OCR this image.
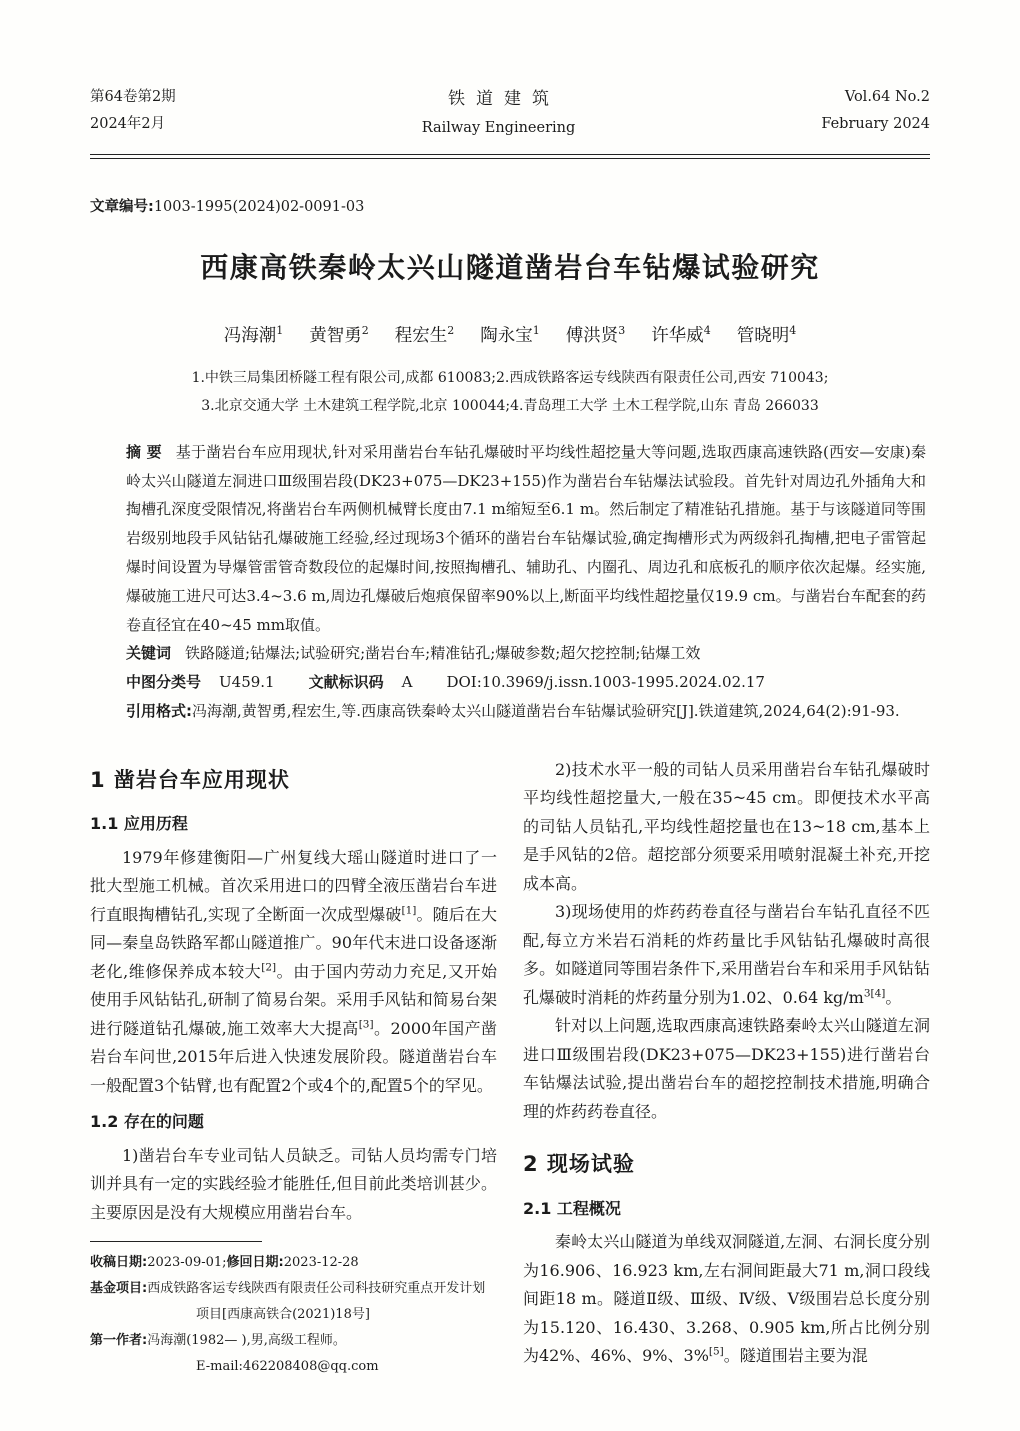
第64卷第2期
2024年2月
铁道建筑
Railway Engineering
Vol.64 No.2
February 2024
文章编号:1003-1995(2024)02-0091-03
西康高铁秦岭太兴山隧道凿岩台车钻爆试验研究
冯海潮$^1$ 黄智勇$^2$ 程宏生$^2$ 陶永宝$^1$ 傅洪贤$^3$ 许华威$^4$ 管晓明$^4$
1.中铁三局集团桥隧工程有限公司,成都 610083;2.西成铁路客运专线陕西有限责任公司,西安 710043;
3.北京交通大学 土木建筑工程学院,北京 100044;4.青岛理工大学 土木工程学院,山东 青岛 266033

摘 要 基于凿岩台车应用现状,针对采用凿岩台车钻孔爆破时平均线性超挖量大等问题,选取西康高速铁路(西安—安康)秦岭太兴山隧道左洞进口Ⅲ级围岩段(DK23+075—DK23+155)作为凿岩台车钻爆法试验段。首先针对周边孔外插角大和掏槽孔深度受限情况,将凿岩台车两侧机械臂长度由7.1 m缩短至6.1 m。然后制定了精准钻孔措施。基于与该隧道同等围岩级别地段手风钻钻孔爆破施工经验,经过现场3个循环的凿岩台车钻爆试验,确定掏槽形式为两级斜孔掏槽,把电子雷管起爆时间设置为导爆管雷管奇数段位的起爆时间,按照掏槽孔、辅助孔、内圈孔、周边孔和底板孔的顺序依次起爆。经实施,爆破施工进尺可达3.4~3.6 m,周边孔爆破后炮痕保留率90%以上,断面平均线性超挖量仅19.9 cm。与凿岩台车配套的药卷直径宜在40~45 mm取值。

关键词 铁路隧道;钻爆法;试验研究;凿岩台车;精准钻孔;爆破参数;超欠挖控制;钻爆工效

中图分类号 U459.1 文献标识码 A DOI:10.3969/j.issn.1003-1995.2024.02.17

引用格式:冯海潮,黄智勇,程宏生,等.西康高铁秦岭太兴山隧道凿岩台车钻爆试验研究[J].铁道建筑,2024,64(2):91-93.

1 凿岩台车应用现状
1.1 应用历程

1979年修建衡阳—广州复线大瑶山隧道时进口了一批大型施工机械。首次采用进口的四臂全液压凿岩台车进行直眼掏槽钻孔,实现了全断面一次成型爆破[1]。随后在大同—秦皇岛铁路军都山隧道推广。90年代末进口设备逐渐老化,维修保养成本较大[2]。由于国内劳动力充足,又开始使用手风钻钻孔,研制了简易台架。采用手风钻和简易台架进行隧道钻孔爆破,施工效率大大提高[3]。2000年国产凿岩台车问世,2015年后进入快速发展阶段。隧道凿岩台车一般配置3个钻臂,也有配置2个或4个的,配置5个的罕见。

1.2 存在的问题

1)凿岩台车专业司钻人员缺乏。司钻人员均需专门培训并具有一定的实践经验才能胜任,但目前此类培训甚少。主要原因是没有大规模应用凿岩台车。

收稿日期:2023-09-01;修回日期:2023-12-28

基金项目:西成铁路客运专线陕西有限责任公司科技研究重点开发计划项目[西康高铁合(2021)18号]

第一作者:冯海潮(1982— ),男,高级工程师。

E-mail:462208408@qq.com

2)技术水平一般的司钻人员采用凿岩台车钻孔爆破时平均线性超挖量大,一般在35~45 cm。即便技术水平高的司钻人员钻孔,平均线性超挖量也在13~18 cm,基本上是手风钻的2倍。超挖部分须要采用喷射混凝土补充,开挖成本高。

3)现场使用的炸药药卷直径与凿岩台车钻孔直径不匹配,每立方米岩石消耗的炸药量比手风钻钻孔爆破时高很多。如隧道同等围岩条件下,采用凿岩台车和采用手风钻钻孔爆破时消耗的炸药量分别为1.02、0.64 $kg/m^{3[4]}$。

针对以上问题,选取西康高速铁路秦岭太兴山隧道左洞进口Ⅲ级围岩段(DK23+075—DK23+155)进行凿岩台车钻爆法试验,提出凿岩台车的超挖控制技术措施,明确合理的炸药药卷直径。

2 现场试验
2.1 工程概况

秦岭太兴山隧道为单线双洞隧道,左洞、右洞长度分别为16.906、16.923 km,左右洞间距最大71 m,洞口段线间距18 m。隧道Ⅱ级、Ⅲ级、Ⅳ级、Ⅴ级围岩总长度分别为15.120、16.430、3.268、0.905 km,所占比例分别为42%、46%、9%、3%[5]。隧道围岩主要为混
